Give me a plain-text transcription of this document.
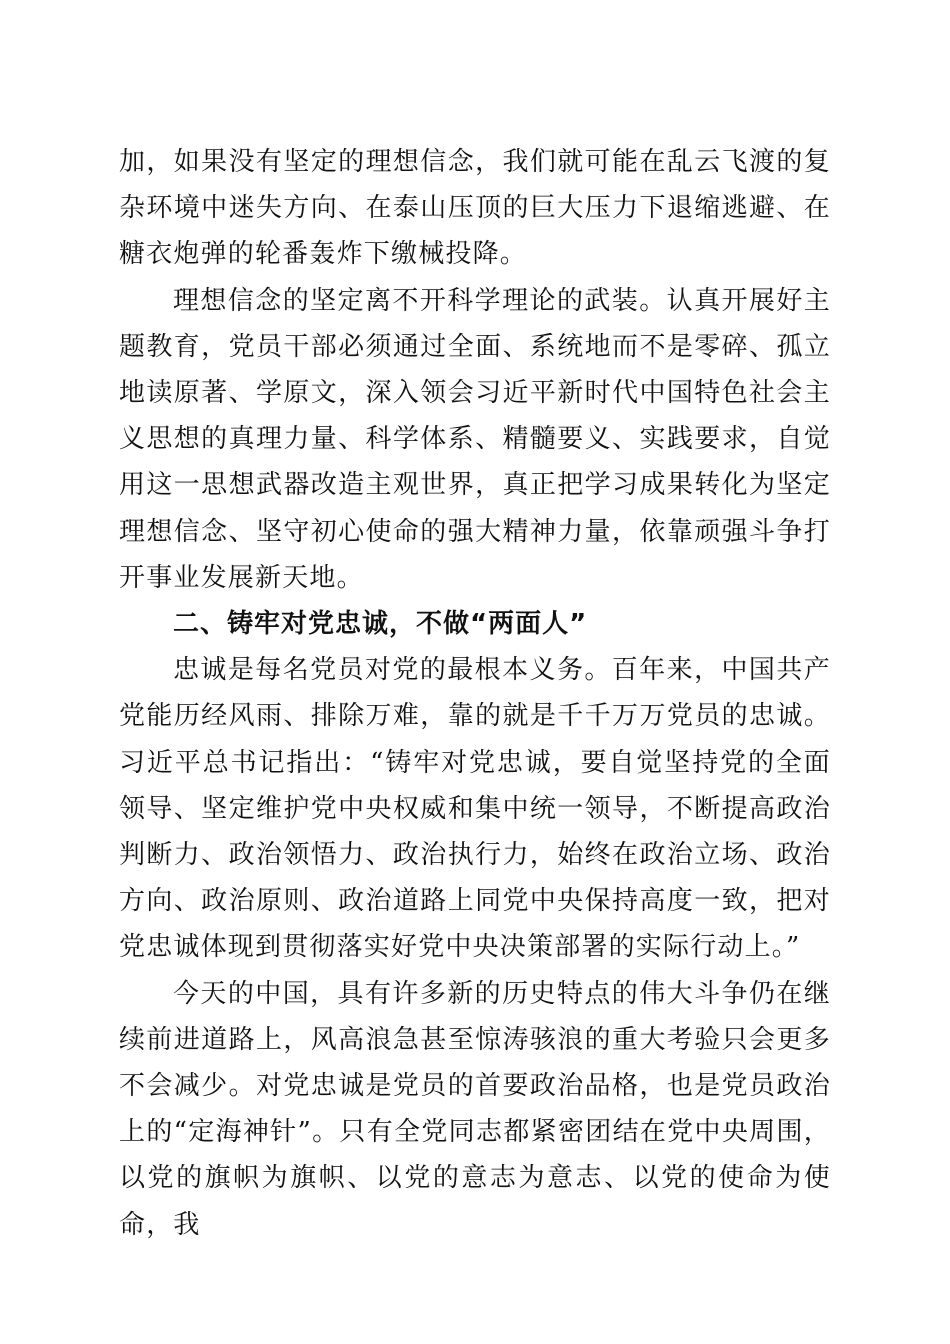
加，如果没有坚定的理想信念，我们就可能在乱云飞渡的复杂环境中迷失方向、在泰山压顶的巨大压力下退缩逃避、在糖衣炮弹的轮番轰炸下缴械投降。

理想信念的坚定离不开科学理论的武装。认真开展好主题教育，党员干部必须通过全面、系统地而不是零碎、孤立地读原著、学原文，深入领会习近平新时代中国特色社会主义思想的真理力量、科学体系、精髓要义、实践要求，自觉用这一思想武器改造主观世界，真正把学习成果转化为坚定理想信念、坚守初心使命的强大精神力量，依靠顽强斗争打开事业发展新天地。

二、铸牢对党忠诚，不做“两面人”

忠诚是每名党员对党的最根本义务。百年来，中国共产党能历经风雨、排除万难，靠的就是千千万万党员的忠诚。习近平总书记指出：“铸牢对党忠诚，要自觉坚持党的全面领导、坚定维护党中央权威和集中统一领导，不断提高政治判断力、政治领悟力、政治执行力，始终在政治立场、政治方向、政治原则、政治道路上同党中央保持高度一致，把对党忠诚体现到贯彻落实好党中央决策部署的实际行动上。”

今天的中国，具有许多新的历史特点的伟大斗争仍在继续前进道路上，风高浪急甚至惊涛骇浪的重大考验只会更多不会减少。对党忠诚是党员的首要政治品格，也是党员政治上的“定海神针”。只有全党同志都紧密团结在党中央周围，以党的旗帜为旗帜、以党的意志为意志、以党的使命为使命，我
